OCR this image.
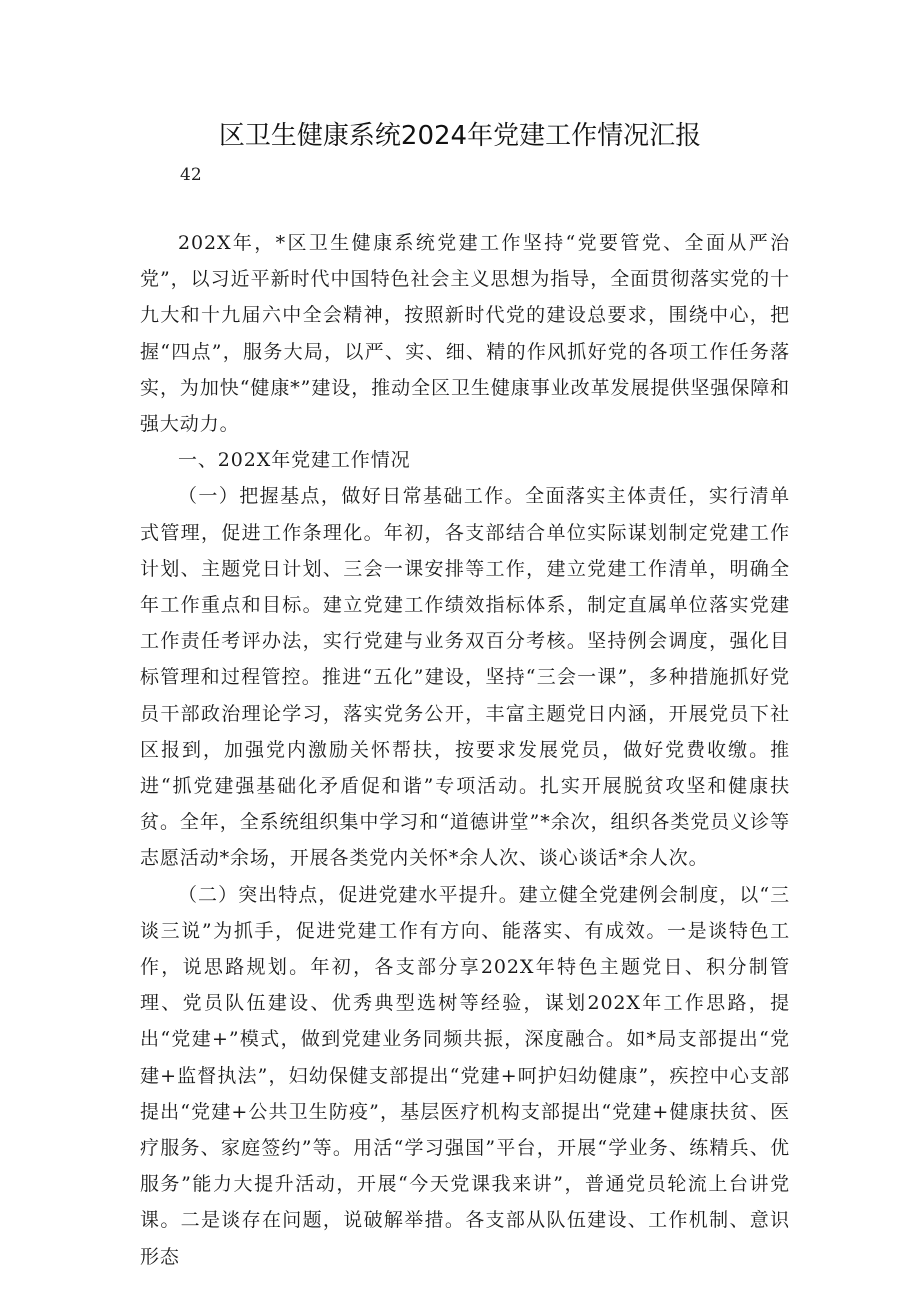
区卫生健康系统2024年党建工作情况汇报
42

202X年，*区卫生健康系统党建工作坚持“党要管党、全面从严治党”，以习近平新时代中国特色社会主义思想为指导，全面贯彻落实党的十九大和十九届六中全会精神，按照新时代党的建设总要求，围绕中心，把握“四点”，服务大局，以严、实、细、精的作风抓好党的各项工作任务落实，为加快“健康*”建设，推动全区卫生健康事业改革发展提供坚强保障和强大动力。

一、202X年党建工作情况

（一）把握基点，做好日常基础工作。全面落实主体责任，实行清单式管理，促进工作条理化。年初，各支部结合单位实际谋划制定党建工作计划、主题党日计划、三会一课安排等工作，建立党建工作清单，明确全年工作重点和目标。建立党建工作绩效指标体系，制定直属单位落实党建工作责任考评办法，实行党建与业务双百分考核。坚持例会调度，强化目标管理和过程管控。推进“五化”建设，坚持“三会一课”，多种措施抓好党员干部政治理论学习，落实党务公开，丰富主题党日内涵，开展党员下社区报到，加强党内激励关怀帮扶，按要求发展党员，做好党费收缴。推进“抓党建强基础化矛盾促和谐”专项活动。扎实开展脱贫攻坚和健康扶贫。全年，全系统组织集中学习和“道德讲堂”*余次，组织各类党员义诊等志愿活动*余场，开展各类党内关怀*余人次、谈心谈话*余人次。

（二）突出特点，促进党建水平提升。建立健全党建例会制度，以“三谈三说”为抓手，促进党建工作有方向、能落实、有成效。一是谈特色工作，说思路规划。年初，各支部分享202X年特色主题党日、积分制管理、党员队伍建设、优秀典型选树等经验，谋划202X年工作思路，提出“党建+”模式，做到党建业务同频共振，深度融合。如*局支部提出“党建+监督执法”，妇幼保健支部提出“党建+呵护妇幼健康”，疾控中心支部提出“党建+公共卫生防疫”，基层医疗机构支部提出“党建+健康扶贫、医疗服务、家庭签约”等。用活“学习强国”平台，开展“学业务、练精兵、优服务”能力大提升活动，开展“今天党课我来讲”，普通党员轮流上台讲党课。二是谈存在问题，说破解举措。各支部从队伍建设、工作机制、意识形态
